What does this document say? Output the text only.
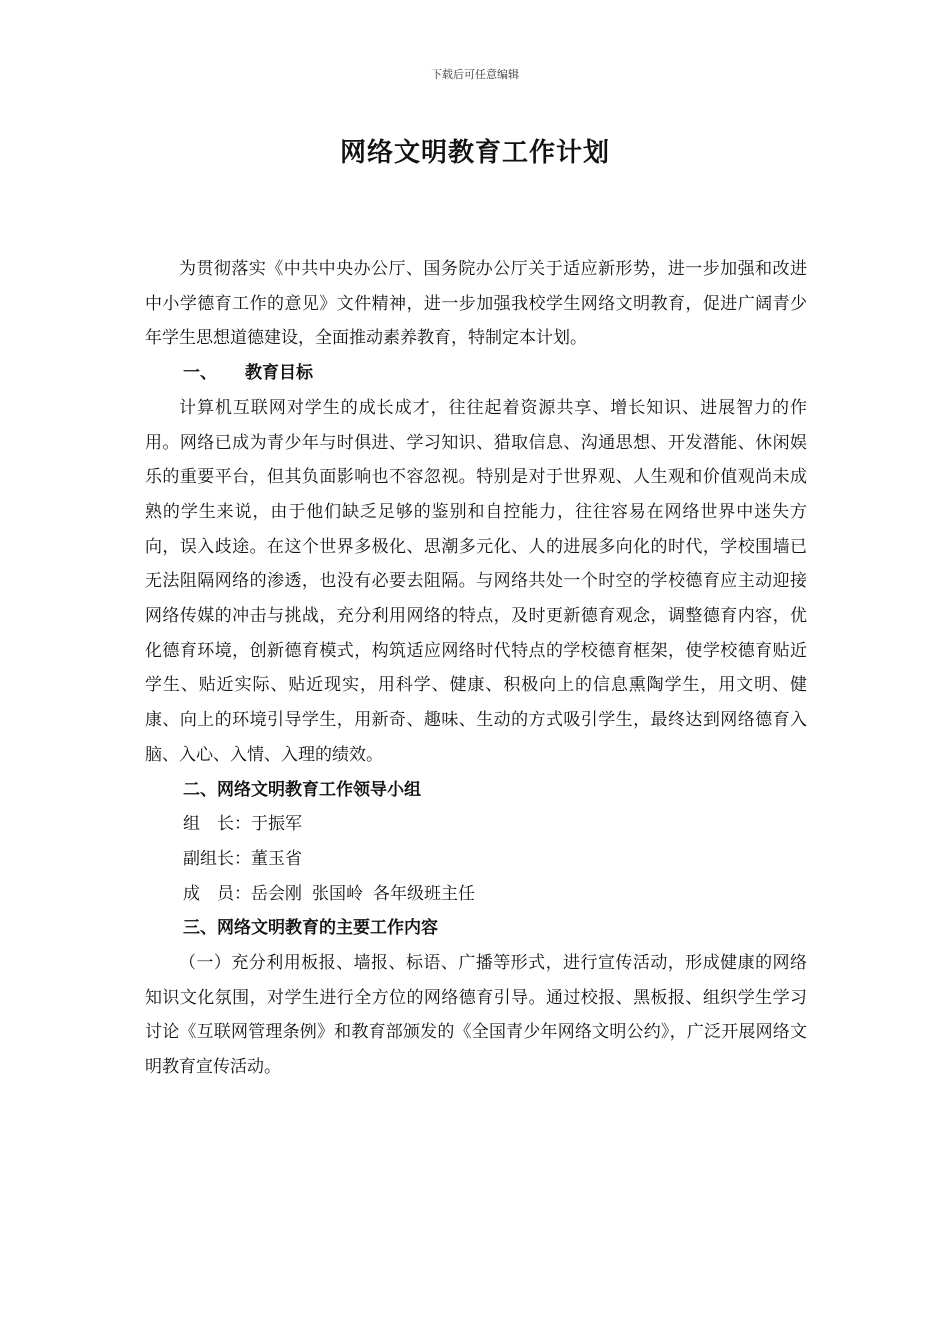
下载后可任意编辑
网络文明教育工作计划

为贯彻落实《中共中央办公厅、国务院办公厅关于适应新形势，进一步加强和改进中小学德育工作的意见》文件精神，进一步加强我校学生网络文明教育，促进广阔青少年学生思想道德建设，全面推动素养教育，特制定本计划。

一、 教育目标

计算机互联网对学生的成长成才，往往起着资源共享、增长知识、进展智力的作用。网络已成为青少年与时俱进、学习知识、猎取信息、沟通思想、开发潜能、休闲娱乐的重要平台，但其负面影响也不容忽视。特别是对于世界观、人生观和价值观尚未成熟的学生来说，由于他们缺乏足够的鉴别和自控能力，往往容易在网络世界中迷失方向，误入歧途。在这个世界多极化、思潮多元化、人的进展多向化的时代，学校围墙已无法阻隔网络的渗透，也没有必要去阻隔。与网络共处一个时空的学校德育应主动迎接网络传媒的冲击与挑战，充分利用网络的特点，及时更新德育观念，调整德育内容，优化德育环境，创新德育模式，构筑适应网络时代特点的学校德育框架，使学校德育贴近学生、贴近实际、贴近现实，用科学、健康、积极向上的信息熏陶学生，用文明、健康、向上的环境引导学生，用新奇、趣味、生动的方式吸引学生，最终达到网络德育入脑、入心、入情、入理的绩效。

二、网络文明教育工作领导小组

组　长：于振军

副组长：董玉省

成　员：岳会刚 张国岭 各年级班主任

三、网络文明教育的主要工作内容

（一）充分利用板报、墙报、标语、广播等形式，进行宣传活动，形成健康的网络知识文化氛围，对学生进行全方位的网络德育引导。通过校报、黑板报、组织学生学习讨论《互联网管理条例》和教育部颁发的《全国青少年网络文明公约》，广泛开展网络文明教育宣传活动。
